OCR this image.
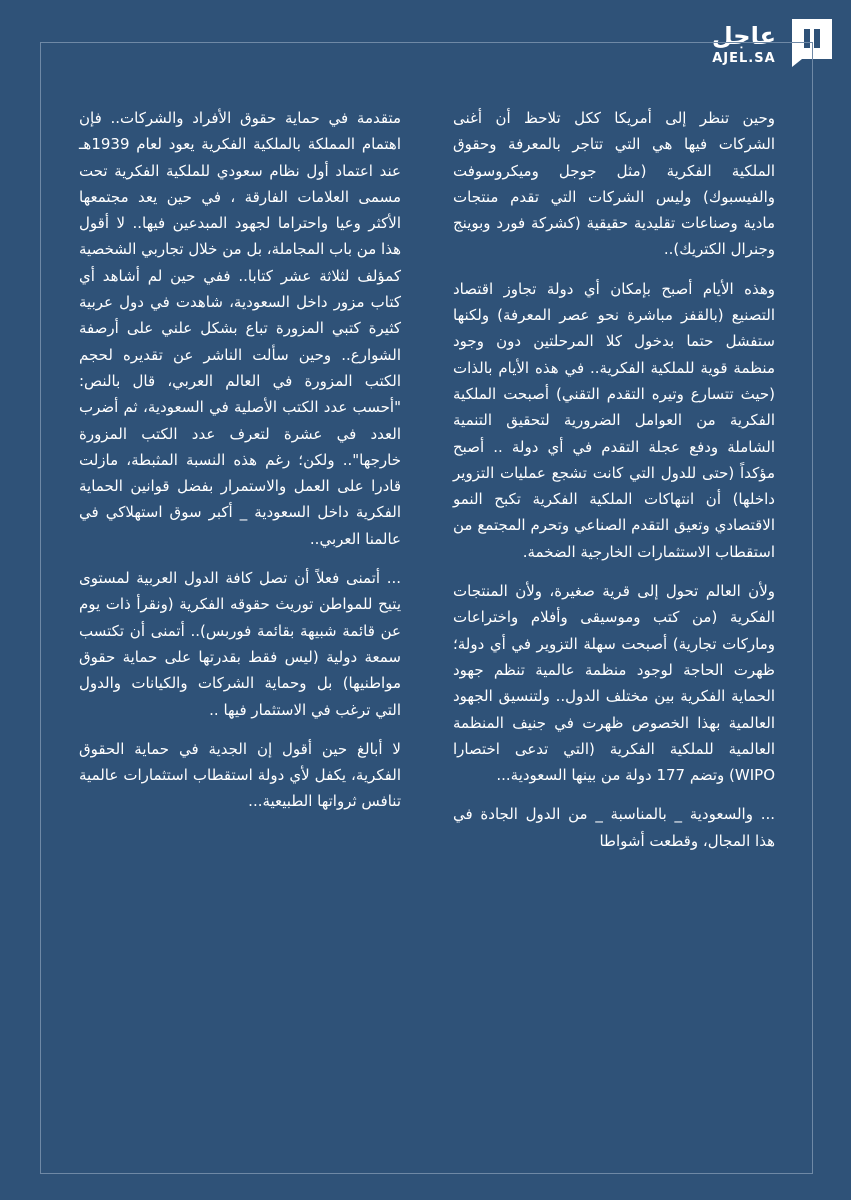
عاجل
AJEL.SA

وحين تنظر إلى أمريكا ككل تلاحظ أن أغنى الشركات فيها هي التي تتاجر بالمعرفة وحقوق الملكية الفكرية (مثل جوجل وميكروسوفت والفيسبوك) وليس الشركات التي تقدم منتجات مادية وصناعات تقليدية حقيقية (كشركة فورد وبوينج وجنرال الكتريك)..

وهذه الأيام أصبح بإمكان أي دولة تجاوز اقتصاد التصنيع (بالقفز مباشرة نحو عصر المعرفة) ولكنها ستفشل حتما بدخول كلا المرحلتين دون وجود منظمة قوية للملكية الفكرية.. في هذه الأيام بالذات (حيث تتسارع وتيره التقدم التقني) أصبحت الملكية الفكرية من العوامل الضرورية لتحقيق التنمية الشاملة ودفع عجلة التقدم في أي دولة .. أصبح مؤكداً (حتى للدول التي كانت تشجع عمليات التزوير داخلها) أن انتهاكات الملكية الفكرية تكبح النمو الاقتصادي وتعيق التقدم الصناعي وتحرم المجتمع من استقطاب الاستثمارات الخارجية الضخمة.

ولأن العالم تحول إلى قرية صغيرة، ولأن المنتجات الفكرية (من كتب وموسيقى وأفلام واختراعات وماركات تجارية) أصبحت سهلة التزوير في أي دولة؛ ظهرت الحاجة لوجود منظمة عالمية تنظم جهود الحماية الفكرية بين مختلف الدول.. ولتنسيق الجهود العالمية بهذا الخصوص ظهرت في جنيف المنظمة العالمية للملكية الفكرية (التي تدعى اختصارا WIPO) وتضم 177 دولة من بينها السعودية...

... والسعودية _ بالمناسبة _ من الدول الجادة في هذا المجال، وقطعت أشواطا

متقدمة في حماية حقوق الأفراد والشركات.. فإن اهتمام المملكة بالملكية الفكرية يعود لعام 1939هـ عند اعتماد أول نظام سعودي للملكية الفكرية تحت مسمى العلامات الفارقة ، في حين يعد مجتمعها الأكثر وعيا واحتراما لجهود المبدعين فيها.. لا أقول هذا من باب المجاملة، بل من خلال تجاربي الشخصية كمؤلف لثلاثة عشر كتابا.. ففي حين لم أشاهد أي كتاب مزور داخل السعودية، شاهدت في دول عربية كثيرة كتبي المزورة تباع بشكل علني على أرصفة الشوارع.. وحين سألت الناشر عن تقديره لحجم الكتب المزورة في العالم العربي، قال بالنص: "أحسب عدد الكتب الأصلية في السعودية، ثم أضرب العدد في عشرة لتعرف عدد الكتب المزورة خارجها".. ولكن؛ رغم هذه النسبة المثبطة، مازلت قادرا على العمل والاستمرار بفضل قوانين الحماية الفكرية داخل السعودية _ أكبر سوق استهلاكي في عالمنا العربي..

... أتمنى فعلاً أن تصل كافة الدول العربية لمستوى يتيح للمواطن توريث حقوقه الفكرية (ونقرأ ذات يوم عن قائمة شبيهة بقائمة فوربس).. أتمنى أن تكتسب سمعة دولية (ليس فقط بقدرتها على حماية حقوق مواطنيها) بل وحماية الشركات والكيانات والدول التي ترغب في الاستثمار فيها ..

لا أبالغ حين أقول إن الجدية في حماية الحقوق الفكرية، يكفل لأي دولة استقطاب استثمارات عالمية تنافس ثرواتها الطبيعية...
